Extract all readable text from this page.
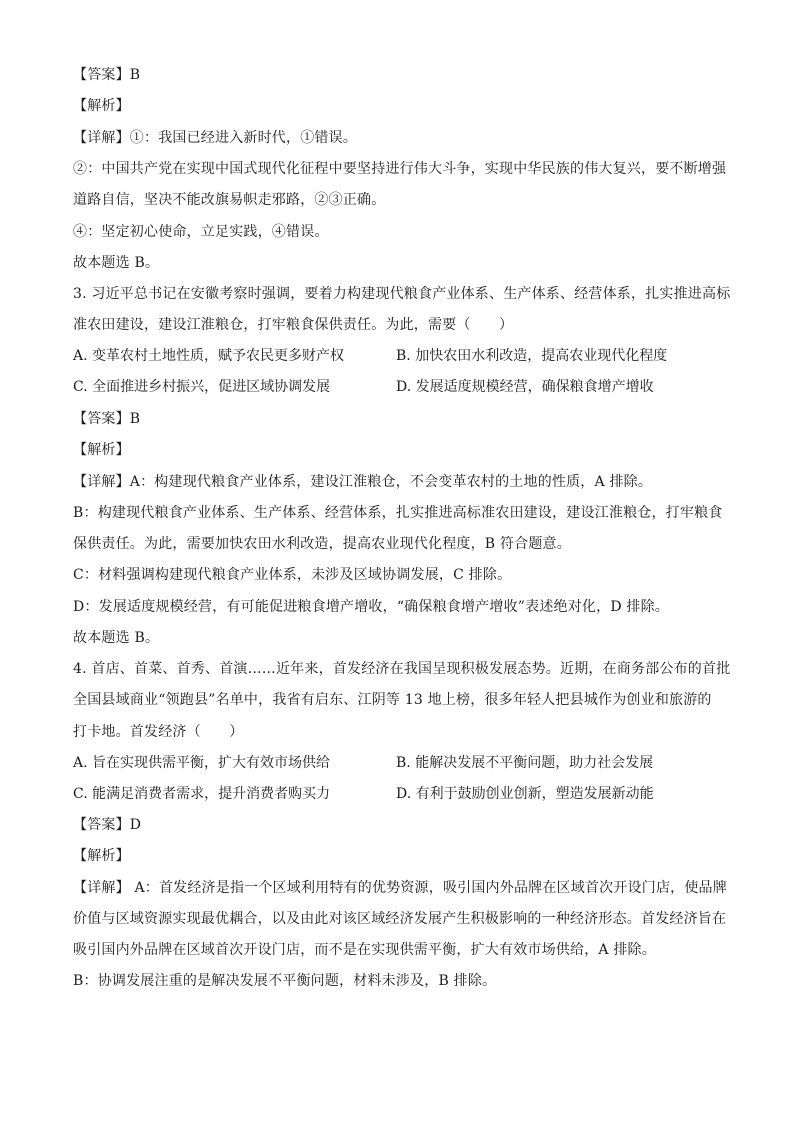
【答案】B
【解析】
【详解】①：我国已经进入新时代，①错误。
②：中国共产党在实现中国式现代化征程中要坚持进行伟大斗争，实现中华民族的伟大复兴，要不断增强
道路自信，坚决不能改旗易帜走邪路，②③正确。
④：坚定初心使命，立足实践，④错误。
故本题选 B。
3. 习近平总书记在安徽考察时强调，要着力构建现代粮食产业体系、生产体系、经营体系，扎实推进高标
准农田建设，建设江淮粮仓，打牢粮食保供责任。为此，需要（　　）
A. 变革农村土地性质，赋予农民更多财产权	B. 加快农田水利改造，提高农业现代化程度
C. 全面推进乡村振兴，促进区域协调发展	D. 发展适度规模经营，确保粮食增产增收
【答案】B
【解析】
【详解】A：构建现代粮食产业体系，建设江淮粮仓，不会变革农村的土地的性质，A 排除。
B：构建现代粮食产业体系、生产体系、经营体系，扎实推进高标准农田建设，建设江淮粮仓，打牢粮食
保供责任。为此，需要加快农田水利改造，提高农业现代化程度，B 符合题意。
C：材料强调构建现代粮食产业体系，未涉及区域协调发展，C 排除。
D：发展适度规模经营，有可能促进粮食增产增收，“确保粮食增产增收”表述绝对化，D 排除。
故本题选 B。
4. 首店、首菜、首秀、首演……近年来，首发经济在我国呈现积极发展态势。近期，在商务部公布的首批
全国县域商业“领跑县”名单中，我省有启东、江阴等 13 地上榜，很多年轻人把县城作为创业和旅游的
打卡地。首发经济（　　）
A. 旨在实现供需平衡，扩大有效市场供给	B. 能解决发展不平衡问题，助力社会发展
C. 能满足消费者需求，提升消费者购买力	D. 有利于鼓励创业创新，塑造发展新动能
【答案】D
【解析】
【详解】 A：首发经济是指一个区域利用特有的优势资源，吸引国内外品牌在区域首次开设门店，使品牌
价值与区域资源实现最优耦合，以及由此对该区域经济发展产生积极影响的一种经济形态。首发经济旨在
吸引国内外品牌在区域首次开设门店，而不是在实现供需平衡，扩大有效市场供给，A 排除。
B：协调发展注重的是解决发展不平衡问题，材料未涉及，B 排除。
